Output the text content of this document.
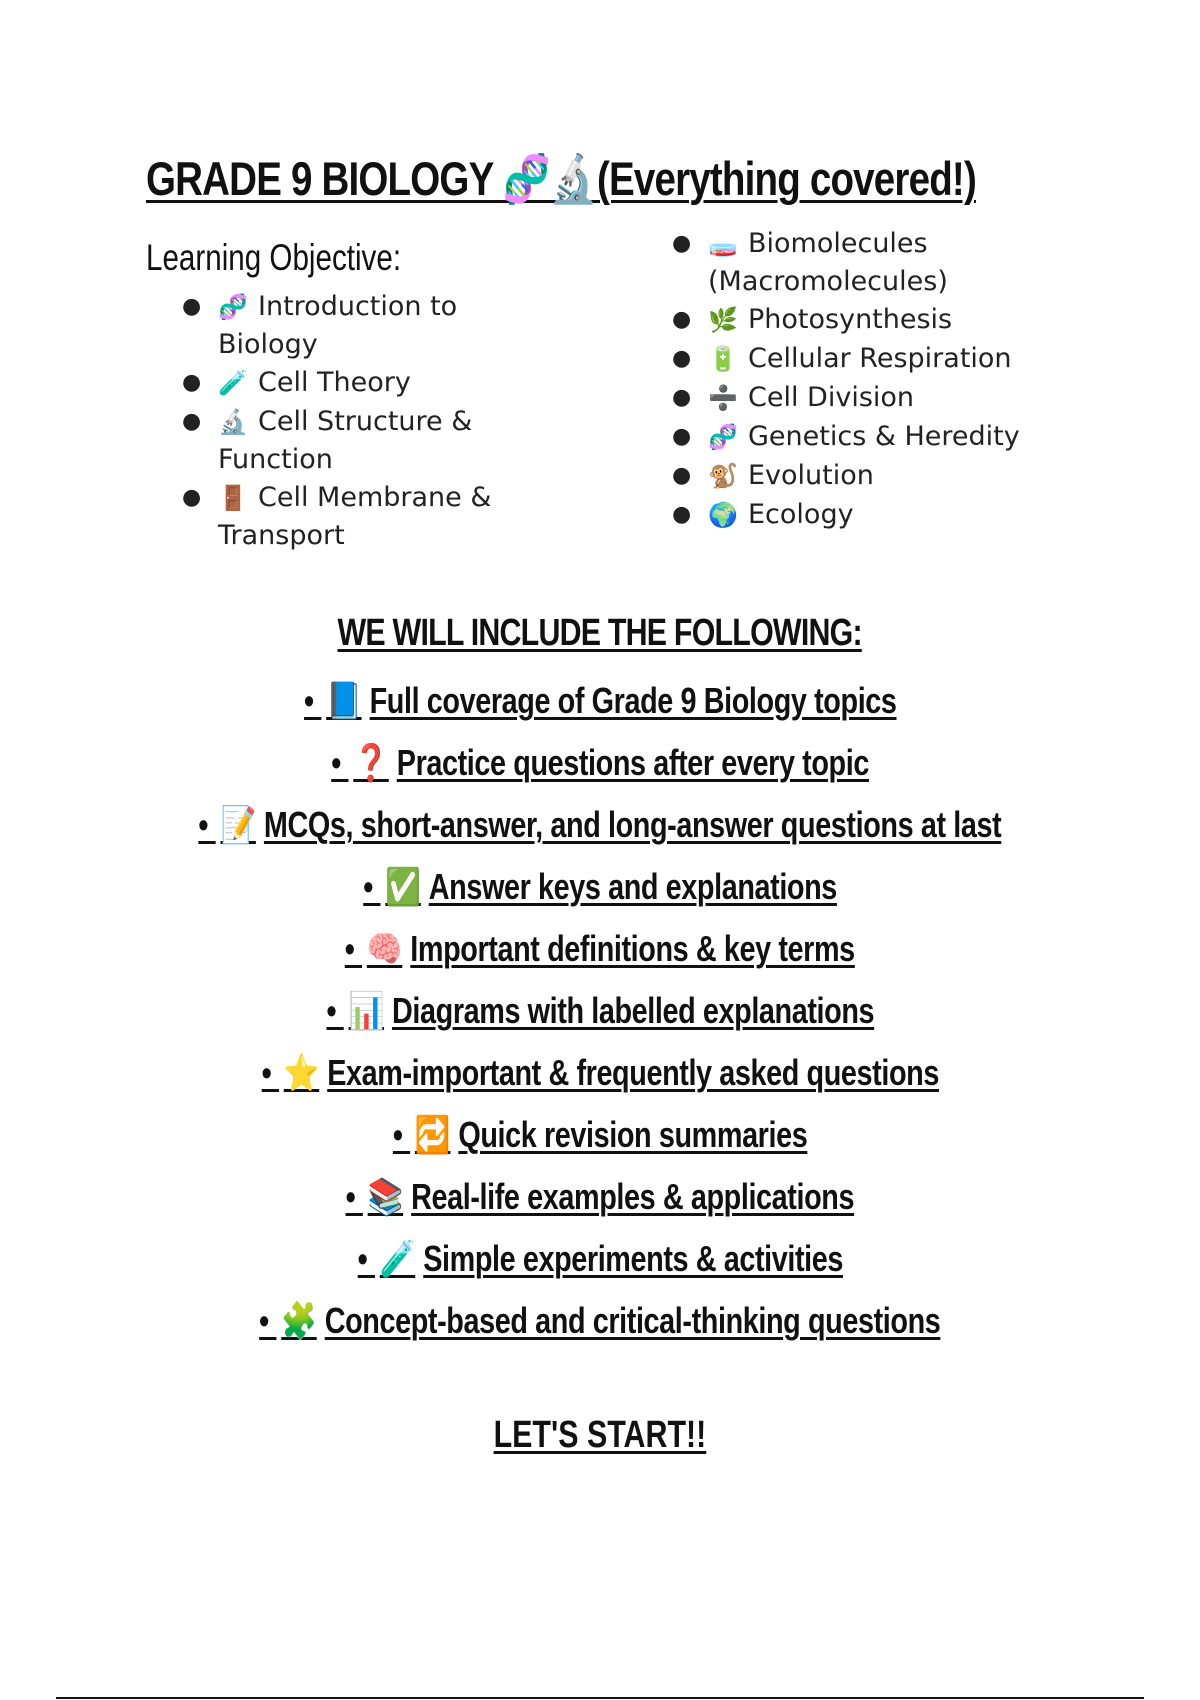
GRADE 9 BIOLOGY 🧬🔬(Everything covered!)
Learning Objective:
● 🧬 Introduction to Biology
● 🧪 Cell Theory
● 🔬 Cell Structure & Function
● 🚪 Cell Membrane & Transport
● 🧫 Biomolecules (Macromolecules)
● 🌿 Photosynthesis
● 🔋 Cellular Respiration
● ➗ Cell Division
● 🧬 Genetics & Heredity
● 🐒 Evolution
● 🌍 Ecology
WE WILL INCLUDE THE FOLLOWING:
• 📘 Full coverage of Grade 9 Biology topics
• ❓ Practice questions after every topic
• 📝 MCQs, short-answer, and long-answer questions at last
• ✅ Answer keys and explanations
• 🧠 Important definitions & key terms
• 📊 Diagrams with labelled explanations
• ⭐ Exam-important & frequently asked questions
• 🔁 Quick revision summaries
• 📚 Real-life examples & applications
• 🧪 Simple experiments & activities
• 🧩 Concept-based and critical-thinking questions
LET'S START!!
